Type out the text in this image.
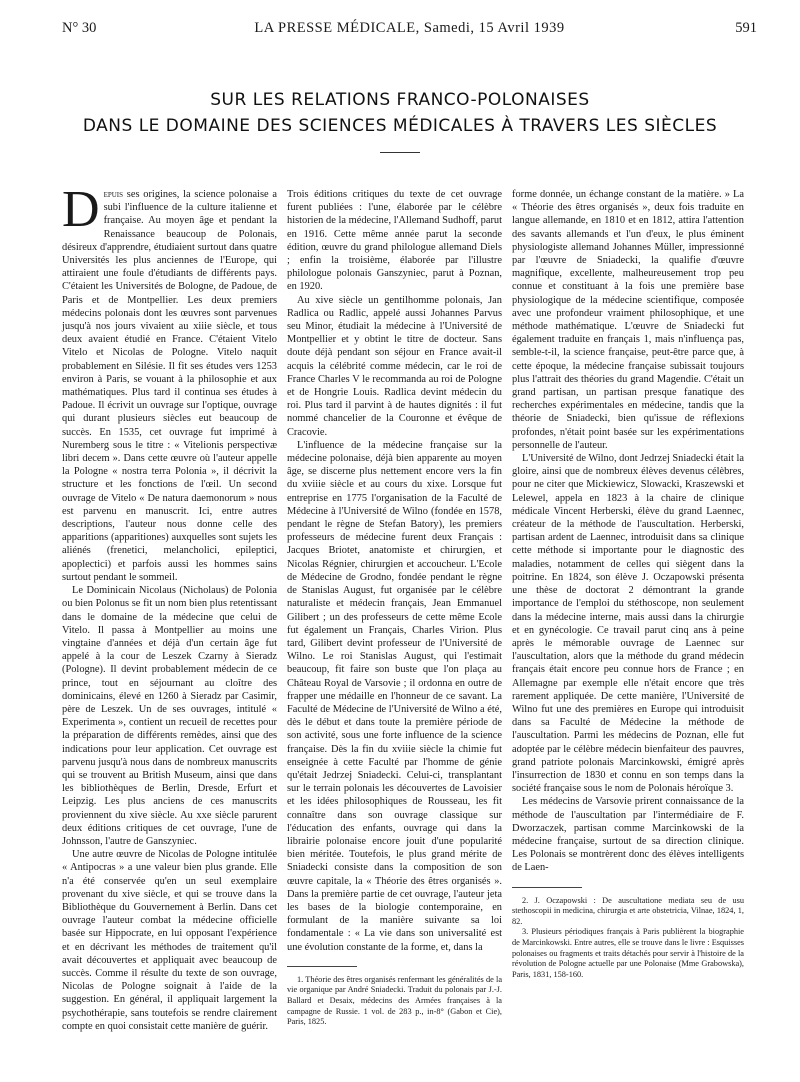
N° 30	LA PRESSE MÉDICALE, Samedi, 15 Avril 1939	591
SUR LES RELATIONS FRANCO-POLONAISES
DANS LE DOMAINE DES SCIENCES MÉDICALES À TRAVERS LES SIÈCLES

Depuis ses origines, la science polonaise a subi l'influence de la culture italienne et française. Au moyen âge et pendant la Renaissance beaucoup de Polonais, désireux d'apprendre, étudiaient surtout dans quatre Universités les plus anciennes de l'Europe, qui attiraient une foule d'étudiants de différents pays. C'étaient les Universités de Bologne, de Padoue, de Paris et de Montpellier. Les deux premiers médecins polonais dont les œuvres sont parvenues jusqu'à nos jours vivaient au xiiie siècle, et tous deux avaient étudié en France. C'étaient Vitelo Vitelo et Nicolas de Pologne. Vitelo naquit probablement en Silésie. Il fit ses études vers 1253 environ à Paris, se vouant à la philosophie et aux mathématiques. Plus tard il continua ses études à Padoue. Il écrivit un ouvrage sur l'optique, ouvrage qui durant plusieurs siècles eut beaucoup de succès. En 1535, cet ouvrage fut imprimé à Nuremberg sous le titre : « Vitelionis perspectivæ libri decem ». Dans cette œuvre où l'auteur appelle la Pologne « nostra terra Polonia », il décrivit la structure et les fonctions de l'œil. Un second ouvrage de Vitelo « De natura daemonorum » nous est parvenu en manuscrit. Ici, entre autres descriptions, l'auteur nous donne celle des apparitions (apparitiones) auxquelles sont sujets les aliénés (frenetici, melancholici, epileptici, apoplectici) et parfois aussi les hommes sains surtout pendant le sommeil.

Le Dominicain Nicolaus (Nicholaus) de Polonia ou bien Polonus se fit un nom bien plus retentissant dans le domaine de la médecine que celui de Vitelo. Il passa à Montpellier au moins une vingtaine d'années et déjà d'un certain âge fut appelé à la cour de Leszek Czarny à Sieradz (Pologne). Il devint probablement médecin de ce prince, tout en séjournant au cloître des dominicains, élevé en 1260 à Sieradz par Casimir, père de Leszek. Un de ses ouvrages, intitulé « Experimenta », contient un recueil de recettes pour la préparation de différents remèdes, ainsi que des indications pour leur application. Cet ouvrage est parvenu jusqu'à nous dans de nombreux manuscrits qui se trouvent au British Museum, ainsi que dans les bibliothèques de Berlin, Dresde, Erfurt et Leipzig. Les plus anciens de ces manuscrits proviennent du xive siècle. Au xxe siècle parurent deux éditions critiques de cet ouvrage, l'une de Johnsson, l'autre de Ganszyniec.

Une autre œuvre de Nicolas de Pologne intitulée « Antipocras » a une valeur bien plus grande. Elle n'a été conservée qu'en un seul exemplaire provenant du xive siècle, et qui se trouve dans la Bibliothèque du Gouvernement à Berlin. Dans cet ouvrage l'auteur combat la médecine officielle basée sur Hippocrate, en lui opposant l'expérience et en décrivant les méthodes de traitement qu'il avait découvertes et appliquait avec beaucoup de succès. Comme il résulte du texte de son ouvrage, Nicolas de Pologne soignait à l'aide de la suggestion. En général, il appliquait largement la psychothérapie, sans toutefois se rendre clairement compte en quoi consistait cette manière de guérir.

Trois éditions critiques du texte de cet ouvrage furent publiées : l'une, élaborée par le célèbre historien de la médecine, l'Allemand Sudhoff, parut en 1916. Cette même année parut la seconde édition, œuvre du grand philologue allemand Diels ; enfin la troisième, élaborée par l'illustre philologue polonais Ganszyniec, parut à Poznan, en 1920.

Au xive siècle un gentilhomme polonais, Jan Radlica ou Radlic, appelé aussi Johannes Parvus seu Minor, étudiait la médecine à l'Université de Montpellier et y obtint le titre de docteur. Sans doute déjà pendant son séjour en France avait-il acquis la célébrité comme médecin, car le roi de France Charles V le recommanda au roi de Pologne et de Hongrie Louis. Radlica devint médecin du roi. Plus tard il parvint à de hautes dignités : il fut nommé chancelier de la Couronne et évêque de Cracovie.

L'influence de la médecine française sur la médecine polonaise, déjà bien apparente au moyen âge, se discerne plus nettement encore vers la fin du xviiie siècle et au cours du xixe. Lorsque fut entreprise en 1775 l'organisation de la Faculté de Médecine à l'Université de Wilno (fondée en 1578, pendant le règne de Stefan Batory), les premiers professeurs de médecine furent deux Français : Jacques Briotet, anatomiste et chirurgien, et Nicolas Régnier, chirurgien et accoucheur. L'Ecole de Médecine de Grodno, fondée pendant le règne de Stanislas August, fut organisée par le célèbre naturaliste et médecin français, Jean Emmanuel Gilibert ; un des professeurs de cette même Ecole fut également un Français, Charles Virion. Plus tard, Gilibert devint professeur de l'Université de Wilno. Le roi Stanislas August, qui l'estimait beaucoup, fit faire son buste que l'on plaça au Château Royal de Varsovie ; il ordonna en outre de frapper une médaille en l'honneur de ce savant. La Faculté de Médecine de l'Université de Wilno a été, dès le début et dans toute la première période de son activité, sous une forte influence de la science française. Dès la fin du xviiie siècle la chimie fut enseignée à cette Faculté par l'homme de génie qu'était Jedrzej Sniadecki. Celui-ci, transplantant sur le terrain polonais les découvertes de Lavoisier et les idées philosophiques de Rousseau, les fit connaître dans son ouvrage classique sur l'éducation des enfants, ouvrage qui dans la librairie polonaise encore jouit d'une popularité bien méritée. Toutefois, le plus grand mérite de Sniadecki consiste dans la composition de son œuvre capitale, la « Théorie des êtres organisés ». Dans la première partie de cet ouvrage, l'auteur jeta les bases de la biologie contemporaine, en formulant de la manière suivante sa loi fondamentale : « La vie dans son universalité est une évolution constante de la forme, et, dans la

1. Théorie des êtres organisés renfermant les généralités de la vie organique par André Sniadecki. Traduit du polonais par J.-J. Ballard et Desaix, médecins des Armées françaises à la campagne de Russie. 1 vol. de 283 p., in-8° (Gabon et Cie), Paris, 1825.

forme donnée, un échange constant de la matière. » La « Théorie des êtres organisés », deux fois traduite en langue allemande, en 1810 et en 1812, attira l'attention des savants allemands et l'un d'eux, le plus éminent physiologiste allemand Johannes Müller, impressionné par l'œuvre de Sniadecki, la qualifie d'œuvre magnifique, excellente, malheureusement trop peu connue et constituant à la fois une première base physiologique de la médecine scientifique, composée avec une profondeur vraiment philosophique, et une méthode mathématique. L'œuvre de Sniadecki fut également traduite en français 1, mais n'influença pas, semble-t-il, la science française, peut-être parce que, à cette époque, la médecine française subissait toujours plus l'attrait des théories du grand Magendie. C'était un grand partisan, un partisan presque fanatique des recherches expérimentales en médecine, tandis que la théorie de Sniadecki, bien qu'issue de réflexions profondes, n'était point basée sur les expérimentations personnelle de l'auteur.

L'Université de Wilno, dont Jedrzej Sniadecki était la gloire, ainsi que de nombreux élèves devenus célèbres, pour ne citer que Mickiewicz, Slowacki, Kraszewski et Lelewel, appela en 1823 à la chaire de clinique médicale Vincent Herberski, élève du grand Laennec, créateur de la méthode de l'auscultation. Herberski, partisan ardent de Laennec, introduisit dans sa clinique cette méthode si importante pour le diagnostic des maladies, notamment de celles qui siègent dans la poitrine. En 1824, son élève J. Oczapowski présenta une thèse de doctorat 2 démontrant la grande importance de l'emploi du stéthoscope, non seulement dans la médecine interne, mais aussi dans la chirurgie et en gynécologie. Ce travail parut cinq ans à peine après le mémorable ouvrage de Laennec sur l'auscultation, alors que la méthode du grand médecin français était encore peu connue hors de France ; en Allemagne par exemple elle n'était encore que très rarement appliquée. De cette manière, l'Université de Wilno fut une des premières en Europe qui introduisit dans sa Faculté de Médecine la méthode de l'auscultation. Parmi les médecins de Poznan, elle fut adoptée par le célèbre médecin bienfaiteur des pauvres, grand patriote polonais Marcinkowski, émigré après l'insurrection de 1830 et connu en son temps dans la société française sous le nom de Polonais héroïque 3.

Les médecins de Varsovie prirent connaissance de la méthode de l'auscultation par l'intermédiaire de F. Dworzaczek, partisan comme Marcinkowski de la médecine française, surtout de sa direction clinique. Les Polonais se montrèrent donc des élèves intelligents de Laen-

2. J. Oczapowski : De auscultatione mediata seu de usu stethoscopii in medicina, chirurgia et arte obstetricia, Vilnae, 1824, 1, 82.

3. Plusieurs périodiques français à Paris publièrent la biographie de Marcinkowski. Entre autres, elle se trouve dans le livre : Esquisses polonaises ou fragments et traits détachés pour servir à l'histoire de la révolution de Pologne actuelle par une Polonaise (Mme Grabowska), Paris, 1831, 158-160.
